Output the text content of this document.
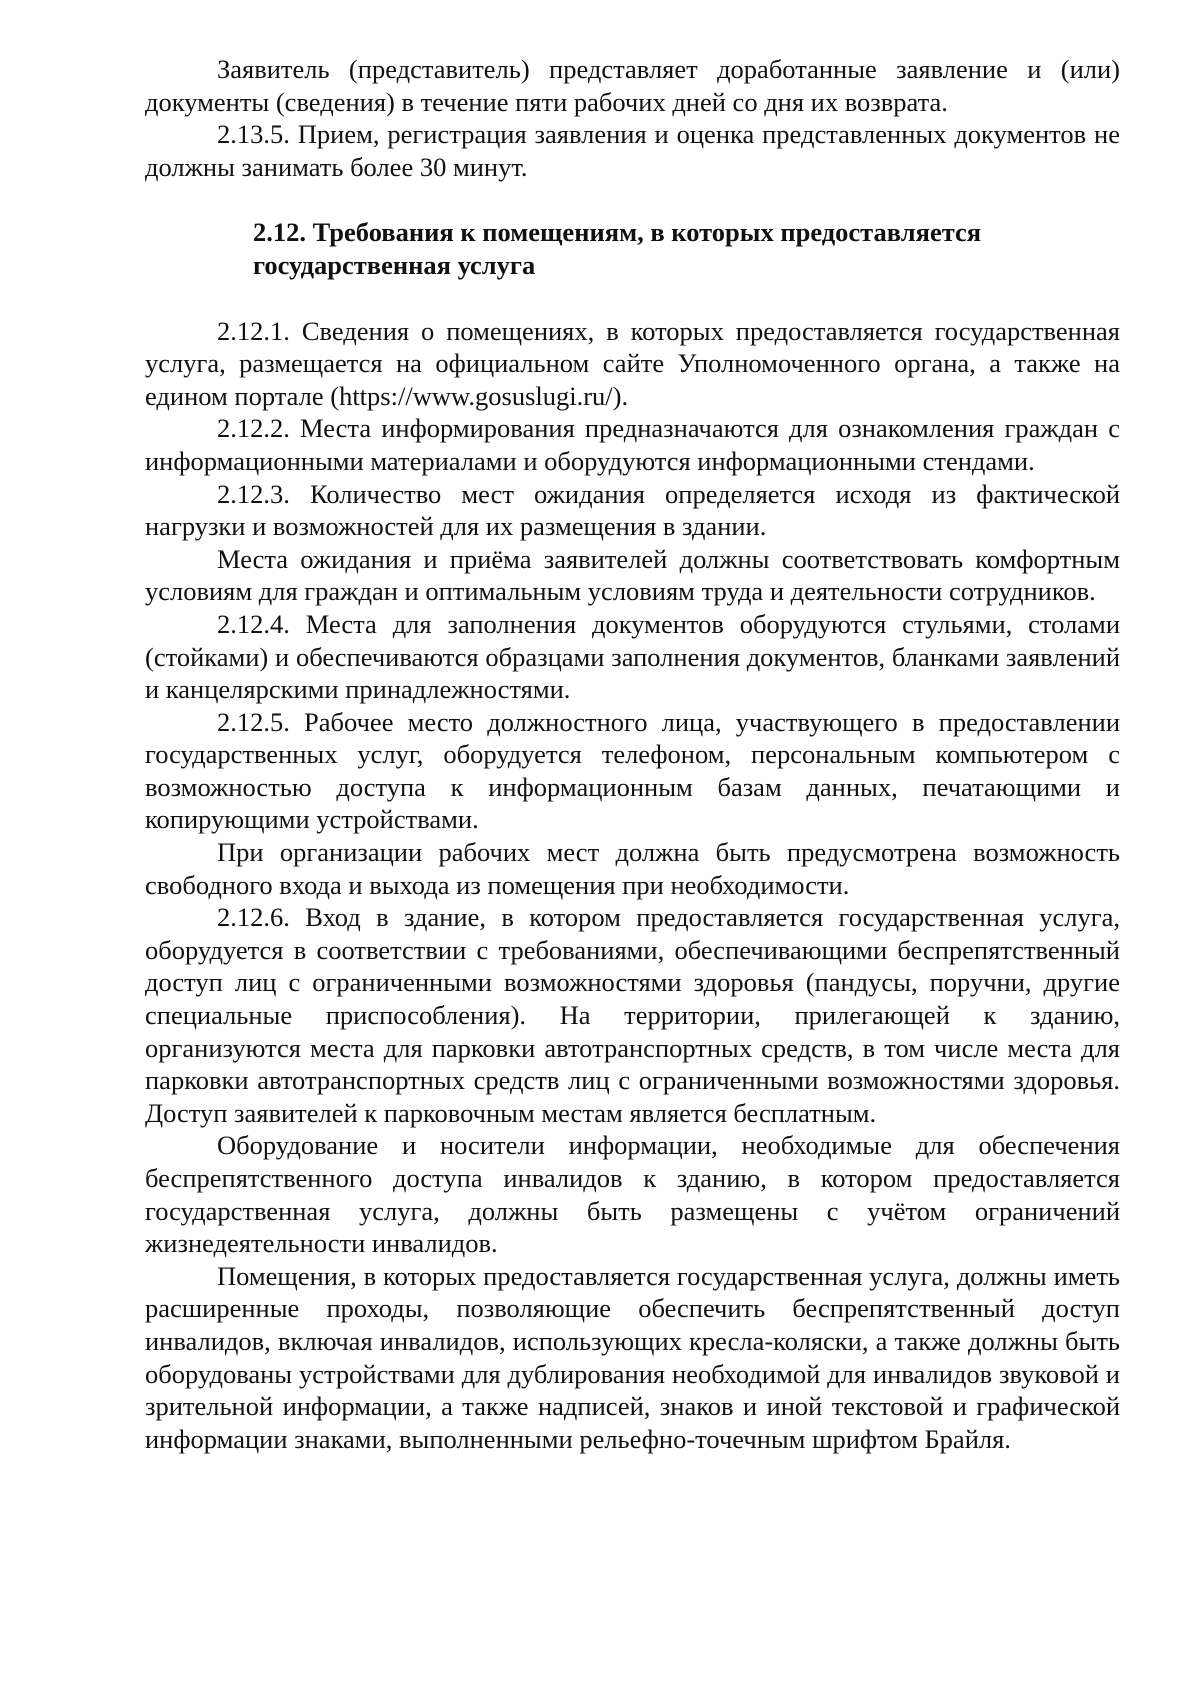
Заявитель (представитель) представляет доработанные заявление и (или) документы (сведения) в течение пяти рабочих дней со дня их возврата.

2.13.5. Прием, регистрация заявления и оценка представленных документов не должны занимать более 30 минут.

2.12. Требования к помещениям, в которых предоставляется
государственная услуга

2.12.1. Сведения о помещениях, в которых предоставляется государственная услуга, размещается на официальном сайте Уполномоченного органа, а также на едином портале (https://www.gosuslugi.ru/).

2.12.2. Места информирования предназначаются для ознакомления граждан с информационными материалами и оборудуются информационными стендами.

2.12.3. Количество мест ожидания определяется исходя из фактической нагрузки и возможностей для их размещения в здании.

Места ожидания и приёма заявителей должны соответствовать комфортным условиям для граждан и оптимальным условиям труда и деятельности сотрудников.

2.12.4. Места для заполнения документов оборудуются стульями, столами (стойками) и обеспечиваются образцами заполнения документов, бланками заявлений и канцелярскими принадлежностями.

2.12.5. Рабочее место должностного лица, участвующего в предоставлении государственных услуг, оборудуется телефоном, персональным компьютером с возможностью доступа к информационным базам данных, печатающими и копирующими устройствами.

При организации рабочих мест должна быть предусмотрена возможность свободного входа и выхода из помещения при необходимости.

2.12.6. Вход в здание, в котором предоставляется государственная услуга, оборудуется в соответствии с требованиями, обеспечивающими беспрепятственный доступ лиц с ограниченными возможностями здоровья (пандусы, поручни, другие специальные приспособления). На территории, прилегающей к зданию, организуются места для парковки автотранспортных средств, в том числе места для парковки автотранспортных средств лиц с ограниченными возможностями здоровья. Доступ заявителей к парковочным местам является бесплатным.

Оборудование и носители информации, необходимые для обеспечения беспрепятственного доступа инвалидов к зданию, в котором предоставляется государственная услуга, должны быть размещены с учётом ограничений жизнедеятельности инвалидов.

Помещения, в которых предоставляется государственная услуга, должны иметь расширенные проходы, позволяющие обеспечить беспрепятственный доступ инвалидов, включая инвалидов, использующих кресла-коляски, а также должны быть оборудованы устройствами для дублирования необходимой для инвалидов звуковой и зрительной информации, а также надписей, знаков и иной текстовой и графической информации знаками, выполненными рельефно-точечным шрифтом Брайля.
